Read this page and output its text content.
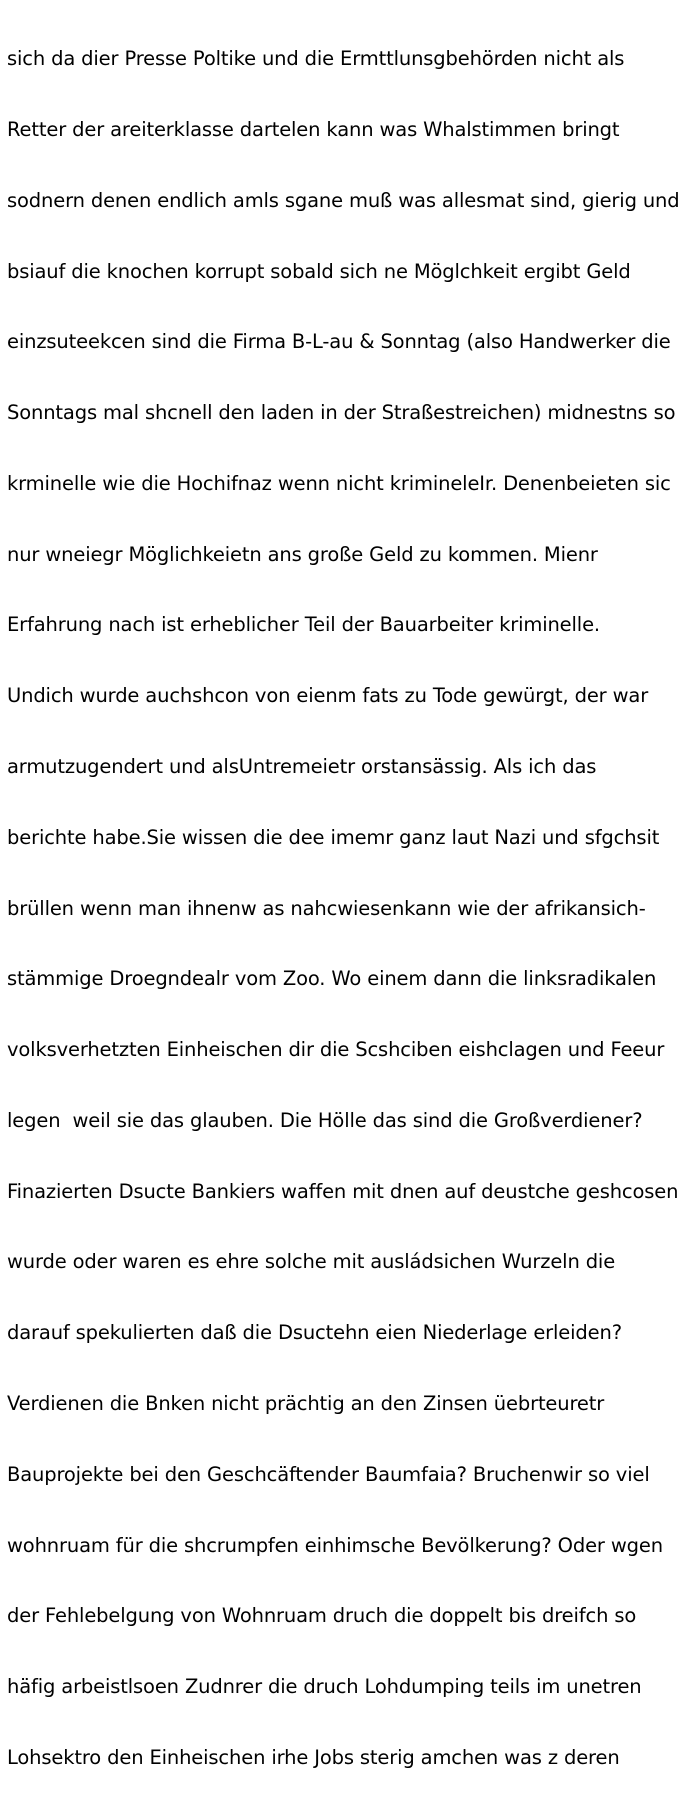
sich da dier Presse Poltike und die Ermttlunsgbehörden nicht als

Retter der areiterklasse dartelen kann was Whalstimmen bringt

sodnern denen endlich amls sgane muß was allesmat sind, gierig und

bsiauf die knochen korrupt sobald sich ne Möglchkeit ergibt Geld

einzsuteekcen sind die Firma B-L-au & Sonntag (also Handwerker die

Sonntags mal shcnell den laden in der Straßestreichen) midnestns so

krminelle wie die Hochifnaz wenn nicht krimineleIr. Denenbeieten sic

nur wneiegr Möglichkeietn ans große Geld zu kommen. Mienr

Erfahrung nach ist erheblicher Teil der Bauarbeiter kriminelle.

Undich wurde auchshcon von eienm fats zu Tode gewürgt, der war

armutzugendert und alsUntremeietr orstansässig. Als ich das

berichte habe.Sie wissen die dee imemr ganz laut Nazi und sfgchsit

brüllen wenn man ihnenw as nahcwiesenkann wie der afrikansich-

stämmige Droegndealr vom Zoo. Wo einem dann die linksradikalen

volksverhetzten Einheischen dir die Scshciben eishclagen und Feeur

legen  weil sie das glauben. Die Hölle das sind die Großverdiener?

Finazierten Dsucte Bankiers waffen mit dnen auf deustche geshcosen

wurde oder waren es ehre solche mit ausládsichen Wurzeln die

darauf spekulierten daß die Dsuctehn eien Niederlage erleiden?

Verdienen die Bnken nicht prächtig an den Zinsen üebrteuretr

Bauprojekte bei den Geschcäftender Baumfaia? Bruchenwir so viel

wohnruam für die shcrumpfen einhimsche Bevölkerung? Oder wgen

der Fehlebelgung von Wohnruam druch die doppelt bis dreifch so

häfig arbeistlsoen Zudnrer die druch Lohdumping teils im unetren

Lohsektro den Einheischen irhe Jobs sterig amchen was z deren
